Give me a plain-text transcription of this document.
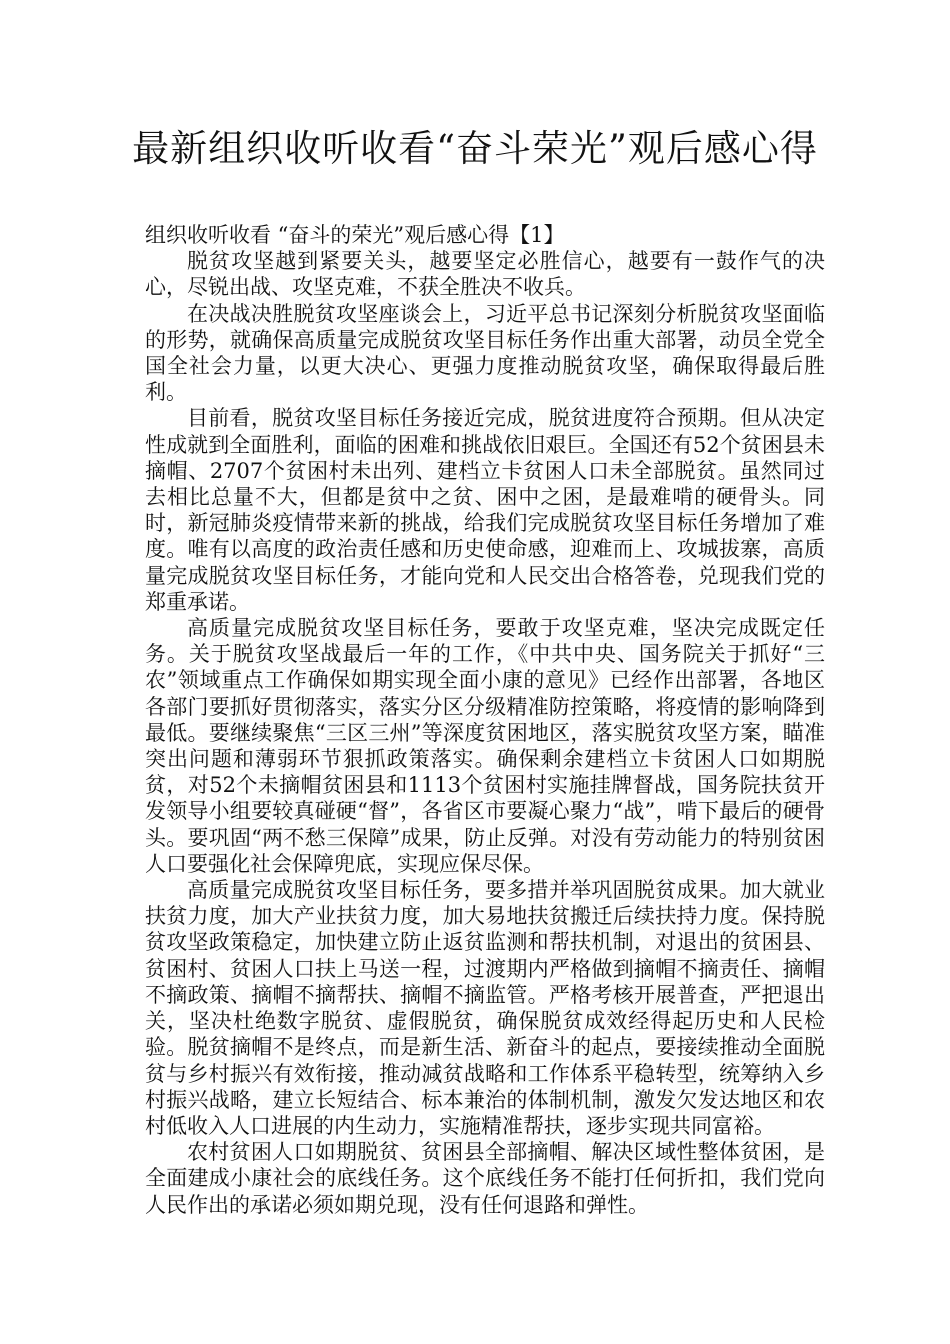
最新组织收听收看“奋斗荣光”观后感心得
组织收听收看 “奋斗的荣光”观后感心得【1】

脱贫攻坚越到紧要关头，越要坚定必胜信心，越要有一鼓作气的决心，尽锐出战、攻坚克难，不获全胜决不收兵。

在决战决胜脱贫攻坚座谈会上，习近平总书记深刻分析脱贫攻坚面临的形势，就确保高质量完成脱贫攻坚目标任务作出重大部署，动员全党全国全社会力量，以更大决心、更强力度推动脱贫攻坚，确保取得最后胜利。

目前看，脱贫攻坚目标任务接近完成，脱贫进度符合预期。但从决定性成就到全面胜利，面临的困难和挑战依旧艰巨。全国还有52个贫困县未摘帽、2707个贫困村未出列、建档立卡贫困人口未全部脱贫。虽然同过去相比总量不大，但都是贫中之贫、困中之困，是最难啃的硬骨头。同时，新冠肺炎疫情带来新的挑战，给我们完成脱贫攻坚目标任务增加了难度。唯有以高度的政治责任感和历史使命感，迎难而上、攻城拔寨，高质量完成脱贫攻坚目标任务，才能向党和人民交出合格答卷，兑现我们党的郑重承诺。

高质量完成脱贫攻坚目标任务，要敢于攻坚克难，坚决完成既定任务。关于脱贫攻坚战最后一年的工作，《中共中央、国务院关于抓好“三农”领域重点工作确保如期实现全面小康的意见》已经作出部署，各地区各部门要抓好贯彻落实，落实分区分级精准防控策略，将疫情的影响降到最低。要继续聚焦“三区三州”等深度贫困地区，落实脱贫攻坚方案，瞄准突出问题和薄弱环节狠抓政策落实。确保剩余建档立卡贫困人口如期脱贫，对52个未摘帽贫困县和1113个贫困村实施挂牌督战，国务院扶贫开发领导小组要较真碰硬“督”，各省区市要凝心聚力“战”，啃下最后的硬骨头。要巩固“两不愁三保障”成果，防止反弹。对没有劳动能力的特别贫困人口要强化社会保障兜底，实现应保尽保。

高质量完成脱贫攻坚目标任务，要多措并举巩固脱贫成果。加大就业扶贫力度，加大产业扶贫力度，加大易地扶贫搬迁后续扶持力度。保持脱贫攻坚政策稳定，加快建立防止返贫监测和帮扶机制，对退出的贫困县、贫困村、贫困人口扶上马送一程，过渡期内严格做到摘帽不摘责任、摘帽不摘政策、摘帽不摘帮扶、摘帽不摘监管。严格考核开展普查，严把退出关，坚决杜绝数字脱贫、虚假脱贫，确保脱贫成效经得起历史和人民检验。脱贫摘帽不是终点，而是新生活、新奋斗的起点，要接续推动全面脱贫与乡村振兴有效衔接，推动减贫战略和工作体系平稳转型，统筹纳入乡村振兴战略，建立长短结合、标本兼治的体制机制，激发欠发达地区和农村低收入人口进展的内生动力，实施精准帮扶，逐步实现共同富裕。

农村贫困人口如期脱贫、贫困县全部摘帽、解决区域性整体贫困，是全面建成小康社会的底线任务。这个底线任务不能打任何折扣，我们党向人民作出的承诺必须如期兑现，没有任何退路和弹性。
